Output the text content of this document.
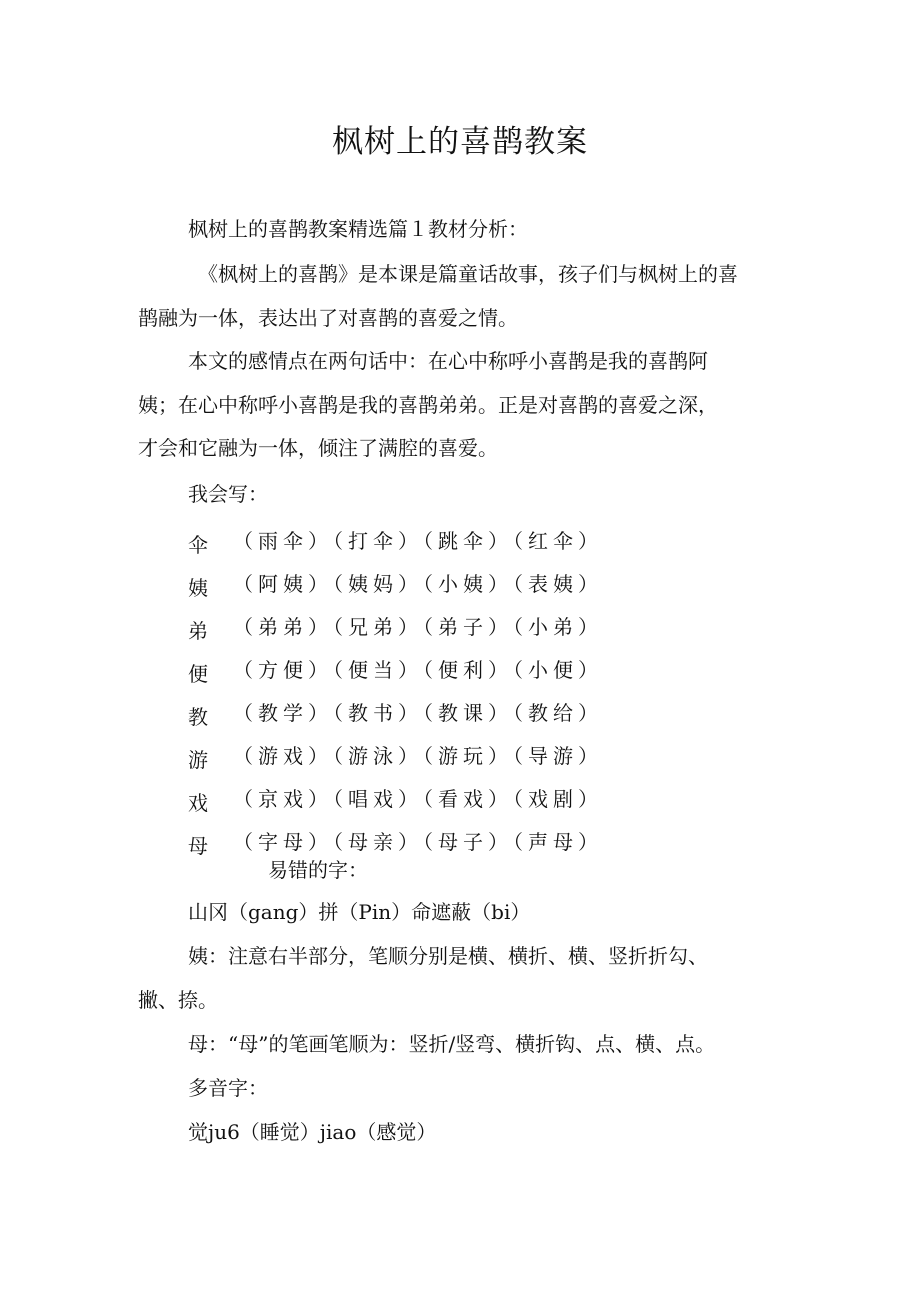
枫树上的喜鹊教案
枫树上的喜鹊教案精选篇１教材分析：
《枫树上的喜鹊》是本课是篇童话故事，孩子们与枫树上的喜
鹊融为一体，表达出了对喜鹊的喜爱之情。
本文的感情点在两句话中：在心中称呼小喜鹊是我的喜鹊阿
姨；在心中称呼小喜鹊是我的喜鹊弟弟。正是对喜鹊的喜爱之深，
才会和它融为一体，倾注了满腔的喜爱。
我会写：
伞 （雨伞）（打伞）（跳伞）（红伞）
姨 （阿姨）（姨妈）（小姨）（表姨）
弟 （弟弟）（兄弟）（弟子）（小弟）
便 （方便）（便当）（便利）（小便）
教 （教学）（教书）（教课）（教给）
游 （游戏）（游泳）（游玩）（导游）
戏 （京戏）（唱戏）（看戏）（戏剧）
母 （字母）（母亲）（母子）（声母）
易错的字：
山冈（gang）拼（Pin）命遮蔽（bi）
姨：注意右半部分，笔顺分别是横、横折、横、竖折折勾、
撇、捺。
母：“母”的笔画笔顺为：竖折/竖弯、横折钩、点、横、点。
多音字：
觉ju6（睡觉）jiao（感觉）
